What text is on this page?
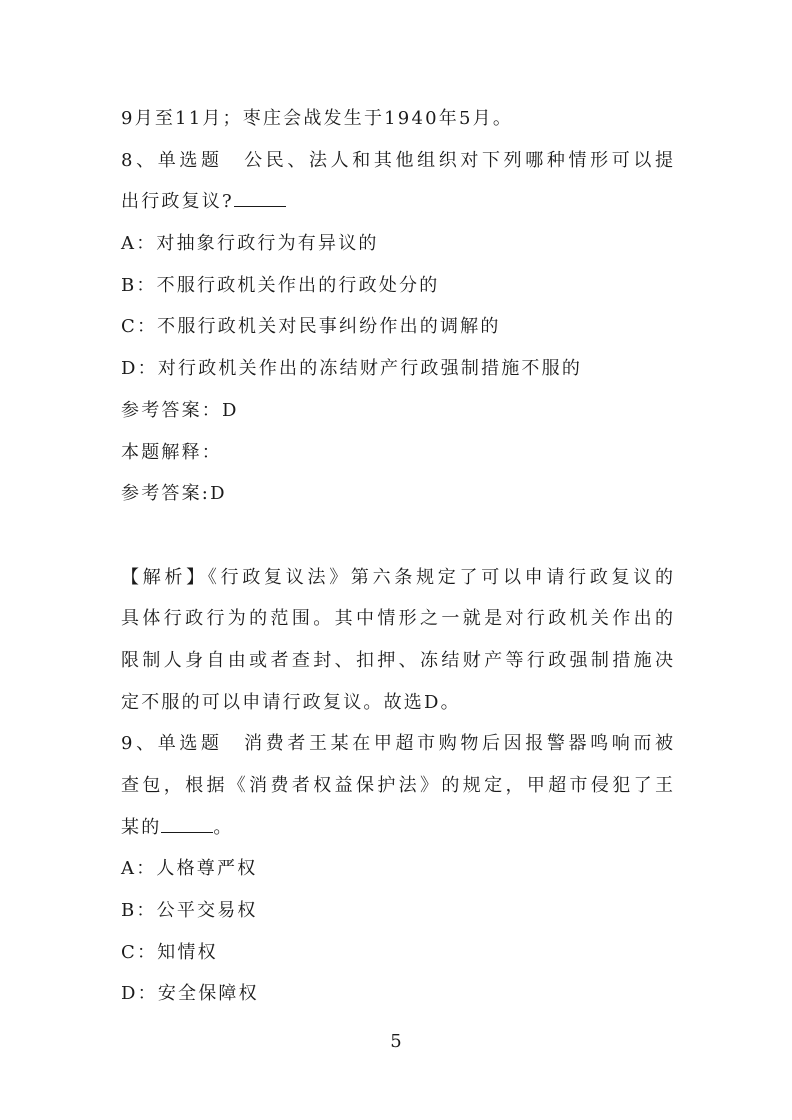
9月至11月；枣庄会战发生于1940年5月。
8、单选题　公民、法人和其他组织对下列哪种情形可以提
出行政复议?
A：对抽象行政行为有异议的
B：不服行政机关作出的行政处分的
C：不服行政机关对民事纠纷作出的调解的
D：对行政机关作出的冻结财产行政强制措施不服的
参考答案：D
本题解释：
参考答案:D
【解析】《行政复议法》第六条规定了可以申请行政复议的
具体行政行为的范围。其中情形之一就是对行政机关作出的
限制人身自由或者查封、扣押、冻结财产等行政强制措施决
定不服的可以申请行政复议。故选D。
9、单选题　消费者王某在甲超市购物后因报警器鸣响而被
查包，根据《消费者权益保护法》的规定，甲超市侵犯了王
某的	。
A：人格尊严权
B：公平交易权
C：知情权
D：安全保障权
5
